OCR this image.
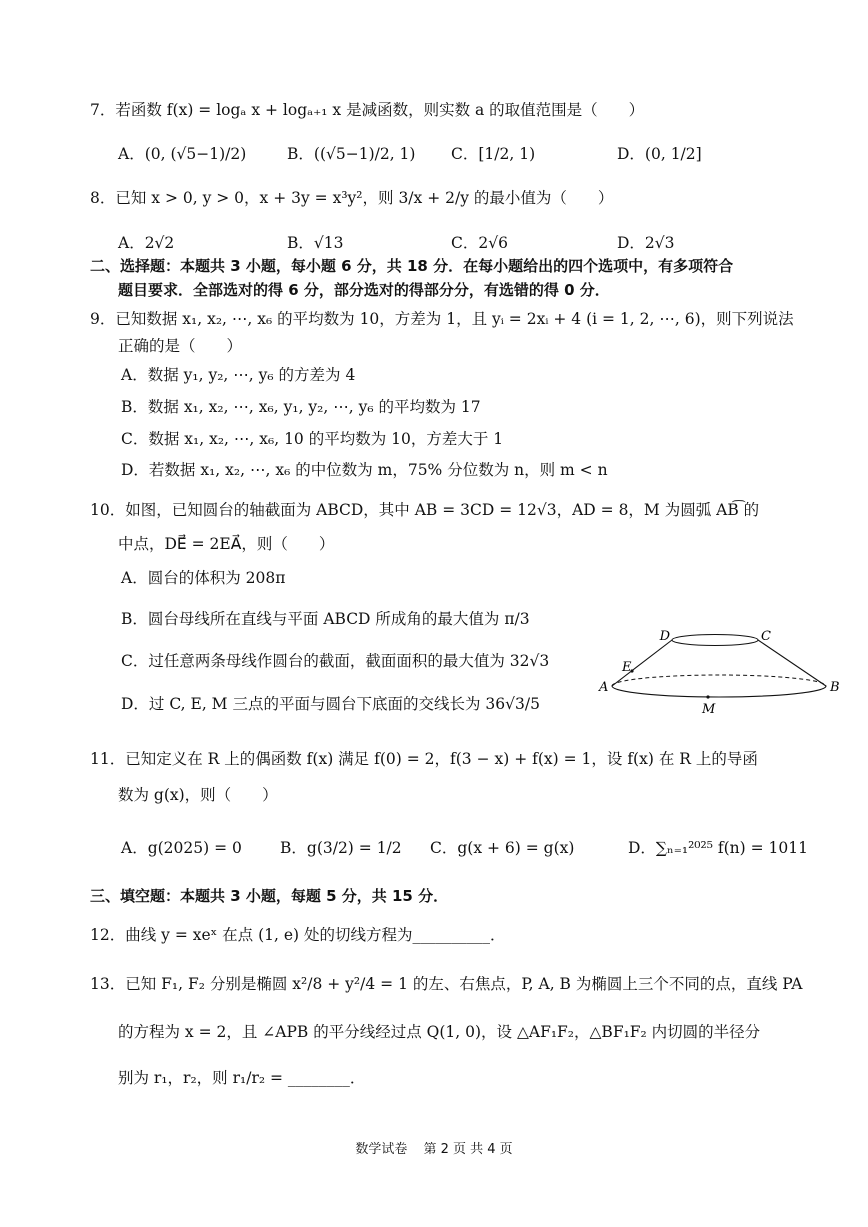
7．若函数 f(x) = logₐ x + logₐ₊₁ x 是减函数，则实数 a 的取值范围是（　　）
A．(0, (√5−1)/2)	B．((√5−1)/2, 1) C．[1/2, 1)	D．(0, 1/2]
8．已知 x > 0, y > 0，x + 3y = x³y²，则 3/x + 2/y 的最小值为（　　）
A．2√2	B．√13	C．2√6	D．2√3
二、选择题：本题共 3 小题，每小题 6 分，共 18 分．在每小题给出的四个选项中，有多项符合
题目要求．全部选对的得 6 分，部分选对的得部分分，有选错的得 0 分．
9．已知数据 x₁, x₂, ⋯, x₆ 的平均数为 10，方差为 1，且 yᵢ = 2xᵢ + 4 (i = 1, 2, ⋯, 6)，则下列说法
正确的是（　　）
A．数据 y₁, y₂, ⋯, y₆ 的方差为 4
B．数据 x₁, x₂, ⋯, x₆, y₁, y₂, ⋯, y₆ 的平均数为 17
C．数据 x₁, x₂, ⋯, x₆, 10 的平均数为 10，方差大于 1
D．若数据 x₁, x₂, ⋯, x₆ 的中位数为 m，75% 分位数为 n，则 m < n
10．如图，已知圆台的轴截面为 ABCD，其中 AB = 3CD = 12√3，AD = 8，M 为圆弧 AB͡ 的
中点，DE⃗ = 2EA⃗，则（　　）
A．圆台的体积为 208π
B．圆台母线所在直线与平面 ABCD 所成角的最大值为 π/3
C．过任意两条母线作圆台的截面，截面面积的最大值为 32√3
D．过 C, E, M 三点的平面与圆台下底面的交线长为 36√3/5
D	C
E
A	B
M
11．已知定义在 R 上的偶函数 f(x) 满足 f(0) = 2，f(3 − x) + f(x) = 1，设 f(x) 在 R 上的导函
数为 g(x)，则（　　）
A．g(2025) = 0 B．g(3/2) = 1/2 C．g(x + 6) = g(x)	D．∑ₙ₌₁²⁰²⁵ f(n) = 1011
三、填空题：本题共 3 小题，每题 5 分，共 15 分．
12．曲线 y = xeˣ 在点 (1, e) 处的切线方程为__________．
13．已知 F₁, F₂ 分别是椭圆 x²/8 + y²/4 = 1 的左、右焦点，P, A, B 为椭圆上三个不同的点，直线 PA
的方程为 x = 2，且 ∠APB 的平分线经过点 Q(1, 0)，设 △AF₁F₂，△BF₁F₂ 内切圆的半径分
别为 r₁，r₂，则 r₁/r₂ = ________．
数学试卷 第 2 页 共 4 页
